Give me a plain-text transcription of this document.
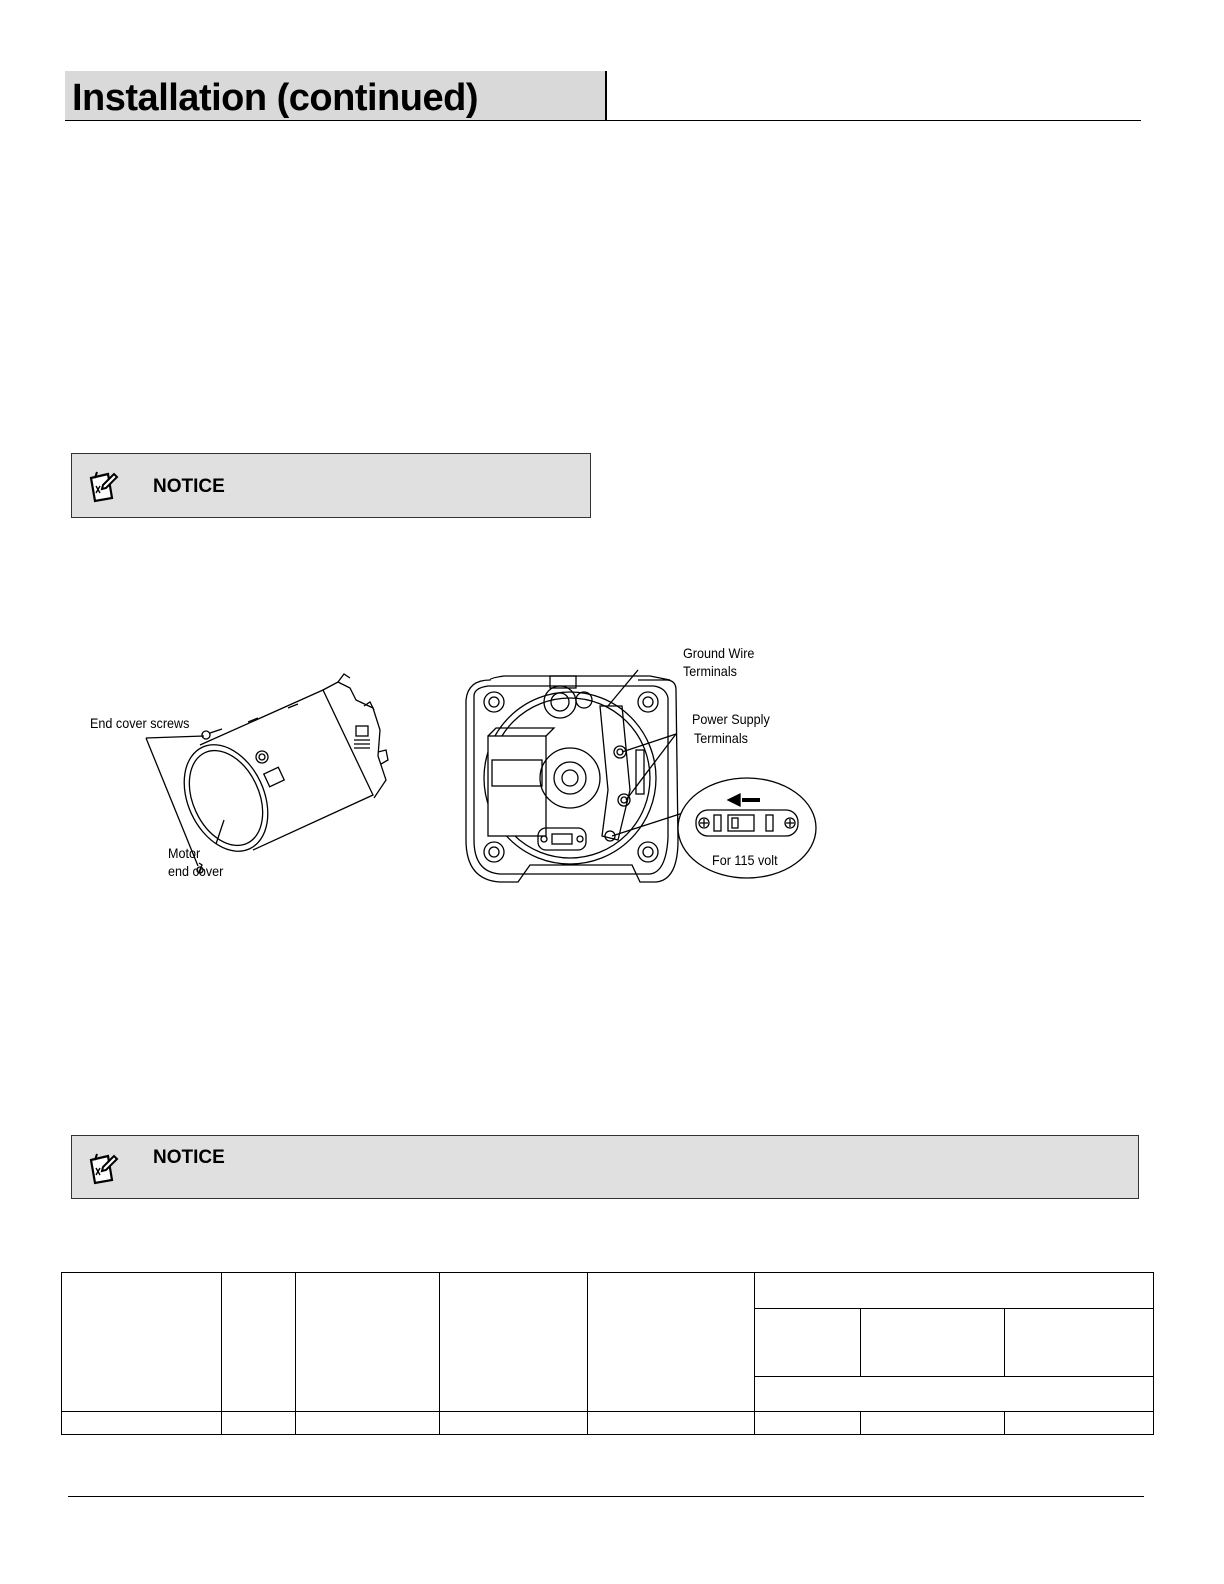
Installation (continued)
NOTICE
End cover screws
Motor
end cover
Ground Wire
Terminals
Power Supply
Terminals
For 115 volt
NOTICE
